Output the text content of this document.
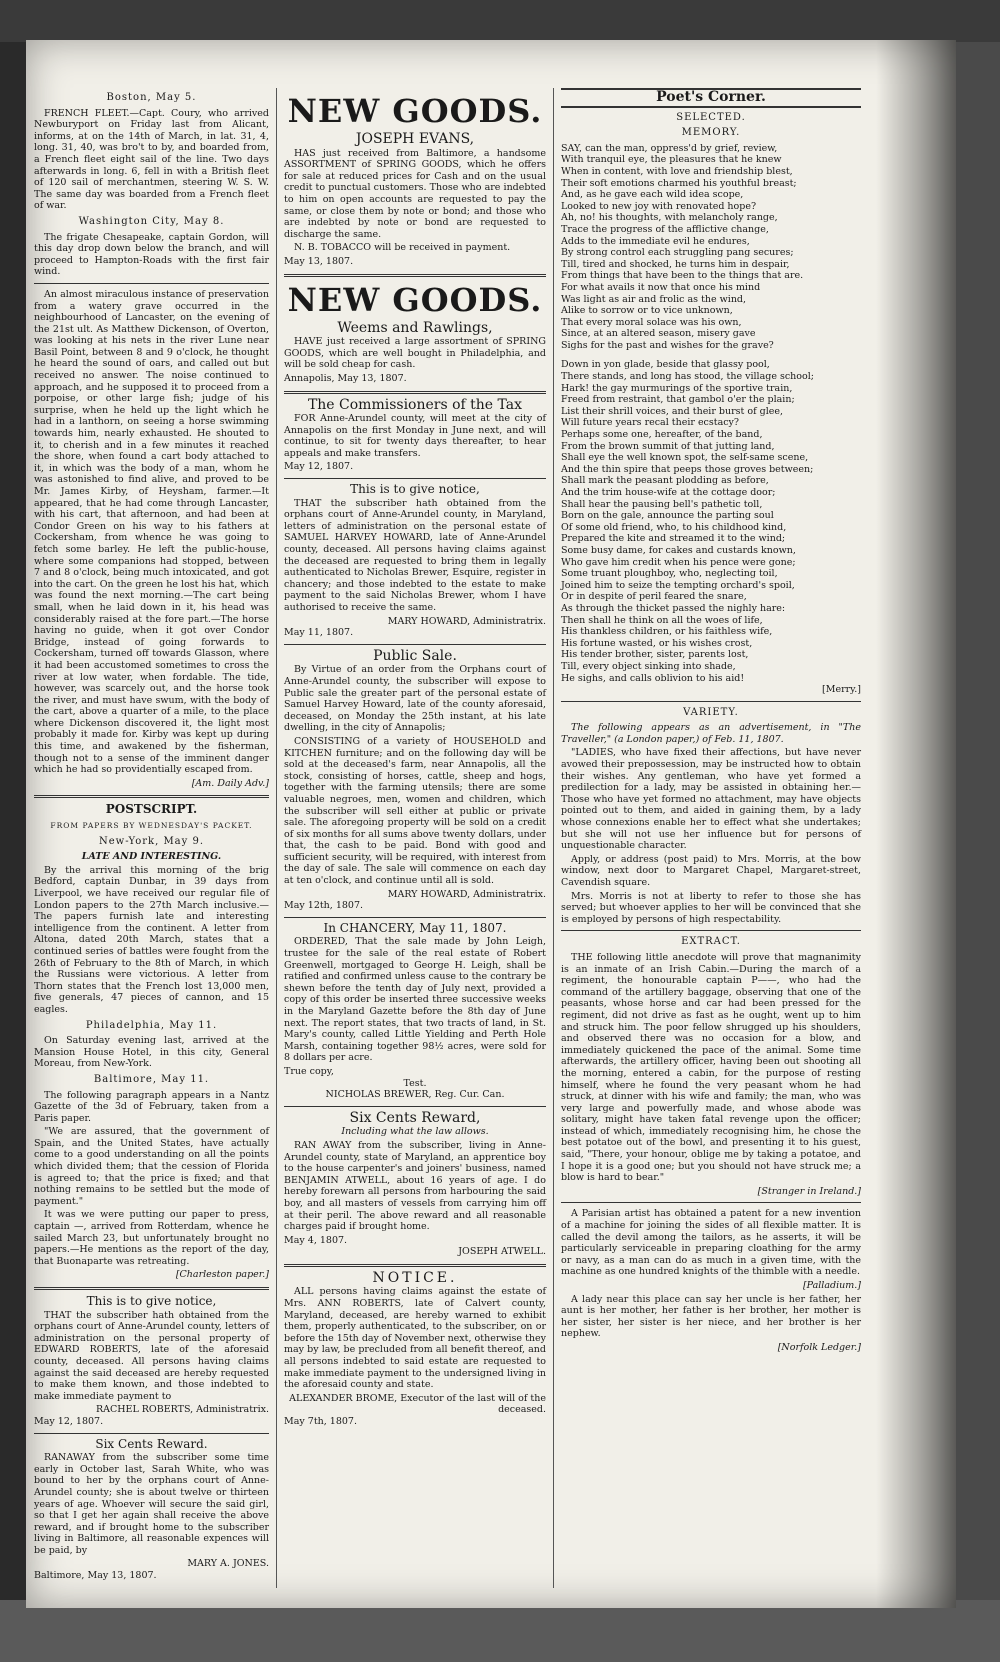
Boston, May 5.

FRENCH FLEET.—Capt. Coury, who arrived Newburyport on Friday last from Alicant, informs, at on the 14th of March, in lat. 31, 4, long. 31, 40, was bro't to by, and boarded from, a French fleet eight sail of the line. Two days afterwards in long. 6, fell in with a British fleet of 120 sail of merchantmen, steering W. S. W. The same day was boarded from a French fleet of war.

Washington City, May 8.

The frigate Chesapeake, captain Gordon, will this day drop down below the branch, and will proceed to Hampton-Roads with the first fair wind.

An almost miraculous instance of preservation from a watery grave occurred in the neighbourhood of Lancaster, on the evening of the 21st ult. As Matthew Dickenson, of Overton, was looking at his nets in the river Lune near Basil Point, between 8 and 9 o'clock, he thought he heard the sound of oars, and called out but received no answer. The noise continued to approach, and he supposed it to proceed from a porpoise, or other large fish; judge of his surprise, when he held up the light which he had in a lanthorn, on seeing a horse swimming towards him, nearly exhausted. He shouted to it, to cherish and in a few minutes it reached the shore, when found a cart body attached to it, in which was the body of a man, whom he was astonished to find alive, and proved to be Mr. James Kirby, of Heysham, farmer.—It appeared, that he had come through Lancaster, with his cart, that afternoon, and had been at Condor Green on his way to his fathers at Cockersham, from whence he was going to fetch some barley. He left the public-house, where some companions had stopped, between 7 and 8 o'clock, being much intoxicated, and got into the cart. On the green he lost his hat, which was found the next morning.—The cart being small, when he laid down in it, his head was considerably raised at the fore part.—The horse having no guide, when it got over Condor Bridge, instead of going forwards to Cockersham, turned off towards Glasson, where it had been accustomed sometimes to cross the river at low water, when fordable. The tide, however, was scarcely out, and the horse took the river, and must have swum, with the body of the cart, above a quarter of a mile, to the place where Dickenson discovered it, the light most probably it made for. Kirby was kept up during this time, and awakened by the fisherman, though not to a sense of the imminent danger which he had so providentially escaped from.

[Am. Daily Adv.]
POSTSCRIPT.
FROM PAPERS BY WEDNESDAY'S PACKET.
New-York, May 9.
LATE AND INTERESTING.

By the arrival this morning of the brig Bedford, captain Dunbar, in 39 days from Liverpool, we have received our regular file of London papers to the 27th March inclusive.—The papers furnish late and interesting intelligence from the continent. A letter from Altona, dated 20th March, states that a continued series of battles were fought from the 26th of February to the 8th of March, in which the Russians were victorious. A letter from Thorn states that the French lost 13,000 men, five generals, 47 pieces of cannon, and 15 eagles.

Philadelphia, May 11.

On Saturday evening last, arrived at the Mansion House Hotel, in this city, General Moreau, from New-York.

Baltimore, May 11.

The following paragraph appears in a Nantz Gazette of the 3d of February, taken from a Paris paper.

"We are assured, that the government of Spain, and the United States, have actually come to a good understanding on all the points which divided them; that the cession of Florida is agreed to; that the price is fixed; and that nothing remains to be settled but the mode of payment."

It was we were putting our paper to press, captain —, arrived from Rotterdam, whence he sailed March 23, but unfortunately brought no papers.—He mentions as the report of the day, that Buonaparte was retreating.

[Charleston paper.]
This is to give notice,

THAT the subscriber hath obtained from the orphans court of Anne-Arundel county, letters of administration on the personal property of EDWARD ROBERTS, late of the aforesaid county, deceased. All persons having claims against the said deceased are hereby requested to make them known, and those indebted to make immediate payment to

RACHEL ROBERTS, Administratrix.
May 12, 1807.
Six Cents Reward.

RANAWAY from the subscriber some time early in October last, Sarah White, who was bound to her by the orphans court of Anne-Arundel county; she is about twelve or thirteen years of age. Whoever will secure the said girl, so that I get her again shall receive the above reward, and if brought home to the subscriber living in Baltimore, all reasonable expences will be paid, by

MARY A. JONES.
Baltimore, May 13, 1807.
NEW GOODS.
JOSEPH EVANS,

HAS just received from Baltimore, a handsome ASSORTMENT of SPRING GOODS, which he offers for sale at reduced prices for Cash and on the usual credit to punctual customers. Those who are indebted to him on open accounts are requested to pay the same, or close them by note or bond; and those who are indebted by note or bond are requested to discharge the same.

N. B. TOBACCO will be received in payment.

May 13, 1807.
NEW GOODS.
Weems and Rawlings,

HAVE just received a large assortment of SPRING GOODS, which are well bought in Philadelphia, and will be sold cheap for cash.

Annapolis, May 13, 1807.
The Commissioners of the Tax

FOR Anne-Arundel county, will meet at the city of Annapolis on the first Monday in June next, and will continue, to sit for twenty days thereafter, to hear appeals and make transfers.

May 12, 1807.
This is to give notice,

THAT the subscriber hath obtained from the orphans court of Anne-Arundel county, in Maryland, letters of administration on the personal estate of SAMUEL HARVEY HOWARD, late of Anne-Arundel county, deceased. All persons having claims against the deceased are requested to bring them in legally authenticated to Nicholas Brewer, Esquire, register in chancery; and those indebted to the estate to make payment to the said Nicholas Brewer, whom I have authorised to receive the same.

MARY HOWARD, Administratrix.
May 11, 1807.
Public Sale.

By Virtue of an order from the Orphans court of Anne-Arundel county, the subscriber will expose to Public sale the greater part of the personal estate of Samuel Harvey Howard, late of the county aforesaid, deceased, on Monday the 25th instant, at his late dwelling, in the city of Annapolis;

CONSISTING of a variety of HOUSEHOLD and KITCHEN furniture; and on the following day will be sold at the deceased's farm, near Annapolis, all the stock, consisting of horses, cattle, sheep and hogs, together with the farming utensils; there are some valuable negroes, men, women and children, which the subscriber will sell either at public or private sale. The aforegoing property will be sold on a credit of six months for all sums above twenty dollars, under that, the cash to be paid. Bond with good and sufficient security, will be required, with interest from the day of sale. The sale will commence on each day at ten o'clock, and continue until all is sold.

MARY HOWARD, Administratrix.
May 12th, 1807.
In CHANCERY, May 11, 1807.

ORDERED, That the sale made by John Leigh, trustee for the sale of the real estate of Robert Greenwell, mortgaged to George H. Leigh, shall be ratified and confirmed unless cause to the contrary be shewn before the tenth day of July next, provided a copy of this order be inserted three successive weeks in the Maryland Gazette before the 8th day of June next. The report states, that two tracts of land, in St. Mary's county, called Little Yielding and Perth Hole Marsh, containing together 98½ acres, were sold for 8 dollars per acre.

True copy,
Test.
NICHOLAS BREWER, Reg. Cur. Can.
Six Cents Reward,
Including what the law allows.

RAN AWAY from the subscriber, living in Anne-Arundel county, state of Maryland, an apprentice boy to the house carpenter's and joiners' business, named BENJAMIN ATWELL, about 16 years of age. I do hereby forewarn all persons from harbouring the said boy, and all masters of vessels from carrying him off at their peril. The above reward and all reasonable charges paid if brought home.

May 4, 1807.
JOSEPH ATWELL.
NOTICE.

ALL persons having claims against the estate of Mrs. ANN ROBERTS, late of Calvert county, Maryland, deceased, are hereby warned to exhibit them, properly authenticated, to the subscriber, on or before the 15th day of November next, otherwise they may by law, be precluded from all benefit thereof, and all persons indebted to said estate are requested to make immediate payment to the undersigned living in the aforesaid county and state.

ALEXANDER BROME, Executor of the last will of the deceased.
May 7th, 1807.
Poet's Corner.
SELECTED.
MEMORY.

SAY, can the man, oppress'd by grief, review,

With tranquil eye, the pleasures that he knew

When in content, with love and friendship blest,

Their soft emotions charmed his youthful breast;

And, as he gave each wild idea scope,

Looked to new joy with renovated hope?

Ah, no! his thoughts, with melancholy range,

Trace the progress of the afflictive change,

Adds to the immediate evil he endures,

By strong control each struggling pang secures;

Till, tired and shocked, he turns him in despair,

From things that have been to the things that are.

For what avails it now that once his mind

Was light as air and frolic as the wind,

Alike to sorrow or to vice unknown,

That every moral solace was his own,

Since, at an altered season, misery gave

Sighs for the past and wishes for the grave?

Down in yon glade, beside that glassy pool,

There stands, and long has stood, the village school;

Hark! the gay murmurings of the sportive train,

Freed from restraint, that gambol o'er the plain;

List their shrill voices, and their burst of glee,

Will future years recal their ecstacy?

Perhaps some one, hereafter, of the band,

From the brown summit of that jutting land,

Shall eye the well known spot, the self-same scene,

And the thin spire that peeps those groves between;

Shall mark the peasant plodding as before,

And the trim house-wife at the cottage door;

Shall hear the pausing bell's pathetic toll,

Born on the gale, announce the parting soul

Of some old friend, who, to his childhood kind,

Prepared the kite and streamed it to the wind;

Some busy dame, for cakes and custards known,

Who gave him credit when his pence were gone;

Some truant ploughboy, who, neglecting toil,

Joined him to seize the tempting orchard's spoil,

Or in despite of peril feared the snare,

As through the thicket passed the nighly hare:

Then shall he think on all the woes of life,

His thankless children, or his faithless wife,

His fortune wasted, or his wishes crost,

His tender brother, sister, parents lost,

Till, every object sinking into shade,

He sighs, and calls oblivion to his aid!

[Merry.]
VARIETY.

The following appears as an advertisement, in "The Traveller," (a London paper,) of Feb. 11, 1807.

"LADIES, who have fixed their affections, but have never avowed their prepossession, may be instructed how to obtain their wishes. Any gentleman, who have yet formed a predilection for a lady, may be assisted in obtaining her.—Those who have yet formed no attachment, may have objects pointed out to them, and aided in gaining them, by a lady whose connexions enable her to effect what she undertakes; but she will not use her influence but for persons of unquestionable character.

Apply, or address (post paid) to Mrs. Morris, at the bow window, next door to Margaret Chapel, Margaret-street, Cavendish square.

Mrs. Morris is not at liberty to refer to those she has served; but whoever applies to her will be convinced that she is employed by persons of high respectability.

EXTRACT.

THE following little anecdote will prove that magnanimity is an inmate of an Irish Cabin.—During the march of a regiment, the honourable captain P——, who had the command of the artillery baggage, observing that one of the peasants, whose horse and car had been pressed for the regiment, did not drive as fast as he ought, went up to him and struck him. The poor fellow shrugged up his shoulders, and observed there was no occasion for a blow, and immediately quickened the pace of the animal. Some time afterwards, the artillery officer, having been out shooting all the morning, entered a cabin, for the purpose of resting himself, where he found the very peasant whom he had struck, at dinner with his wife and family; the man, who was very large and powerfully made, and whose abode was solitary, might have taken fatal revenge upon the officer; instead of which, immediately recognising him, he chose the best potatoe out of the bowl, and presenting it to his guest, said, "There, your honour, oblige me by taking a potatoe, and I hope it is a good one; but you should not have struck me; a blow is hard to bear."

[Stranger in Ireland.]

A Parisian artist has obtained a patent for a new invention of a machine for joining the sides of all flexible matter. It is called the devil among the tailors, as he asserts, it will be particularly serviceable in preparing cloathing for the army or navy, as a man can do as much in a given time, with the machine as one hundred knights of the thimble with a needle.

[Palladium.]

A lady near this place can say her uncle is her father, her aunt is her mother, her father is her brother, her mother is her sister, her sister is her niece, and her brother is her nephew.

[Norfolk Ledger.]
